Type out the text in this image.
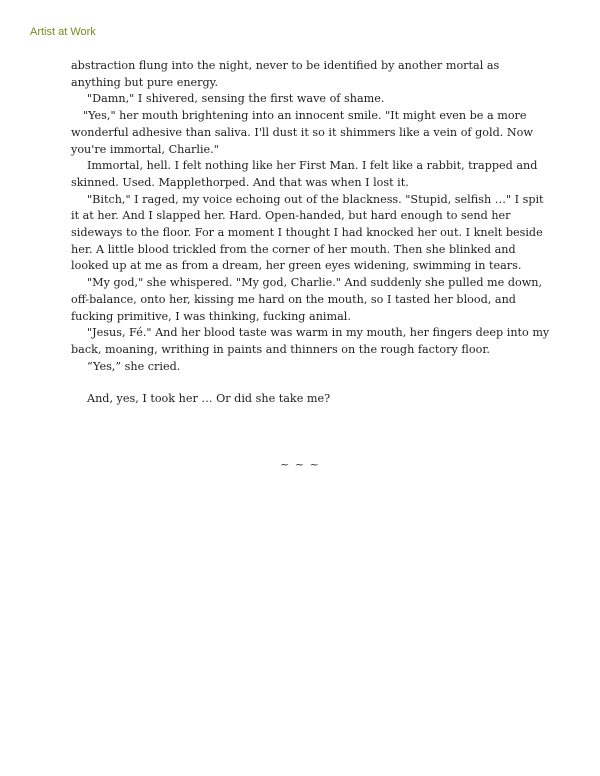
Artist at Work

abstraction flung into the night, never to be identified by another mortal as anything but pure energy.

"Damn," I shivered, sensing the first wave of shame.

"Yes," her mouth brightening into an innocent smile. "It might even be a more wonderful adhesive than saliva. I'll dust it so it shimmers like a vein of gold. Now you're immortal, Charlie."

Immortal, hell. I felt nothing like her First Man. I felt like a rabbit, trapped and skinned. Used. Mapplethorped. And that was when I lost it.

"Bitch," I raged, my voice echoing out of the blackness. "Stupid, selfish …" I spit it at her. And I slapped her. Hard. Open-handed, but hard enough to send her sideways to the floor. For a moment I thought I had knocked her out. I knelt beside her. A little blood trickled from the corner of her mouth. Then she blinked and looked up at me as from a dream, her green eyes widening, swimming in tears.

"My god," she whispered. "My god, Charlie." And suddenly she pulled me down, off-balance, onto her, kissing me hard on the mouth, so I tasted her blood, and fucking primitive, I was thinking, fucking animal.

"Jesus, Fé." And her blood taste was warm in my mouth, her fingers deep into my back, moaning, writhing in paints and thinners on the rough factory floor.

“Yes,” she cried.

And, yes, I took her … Or did she take me?

~ ~ ~
